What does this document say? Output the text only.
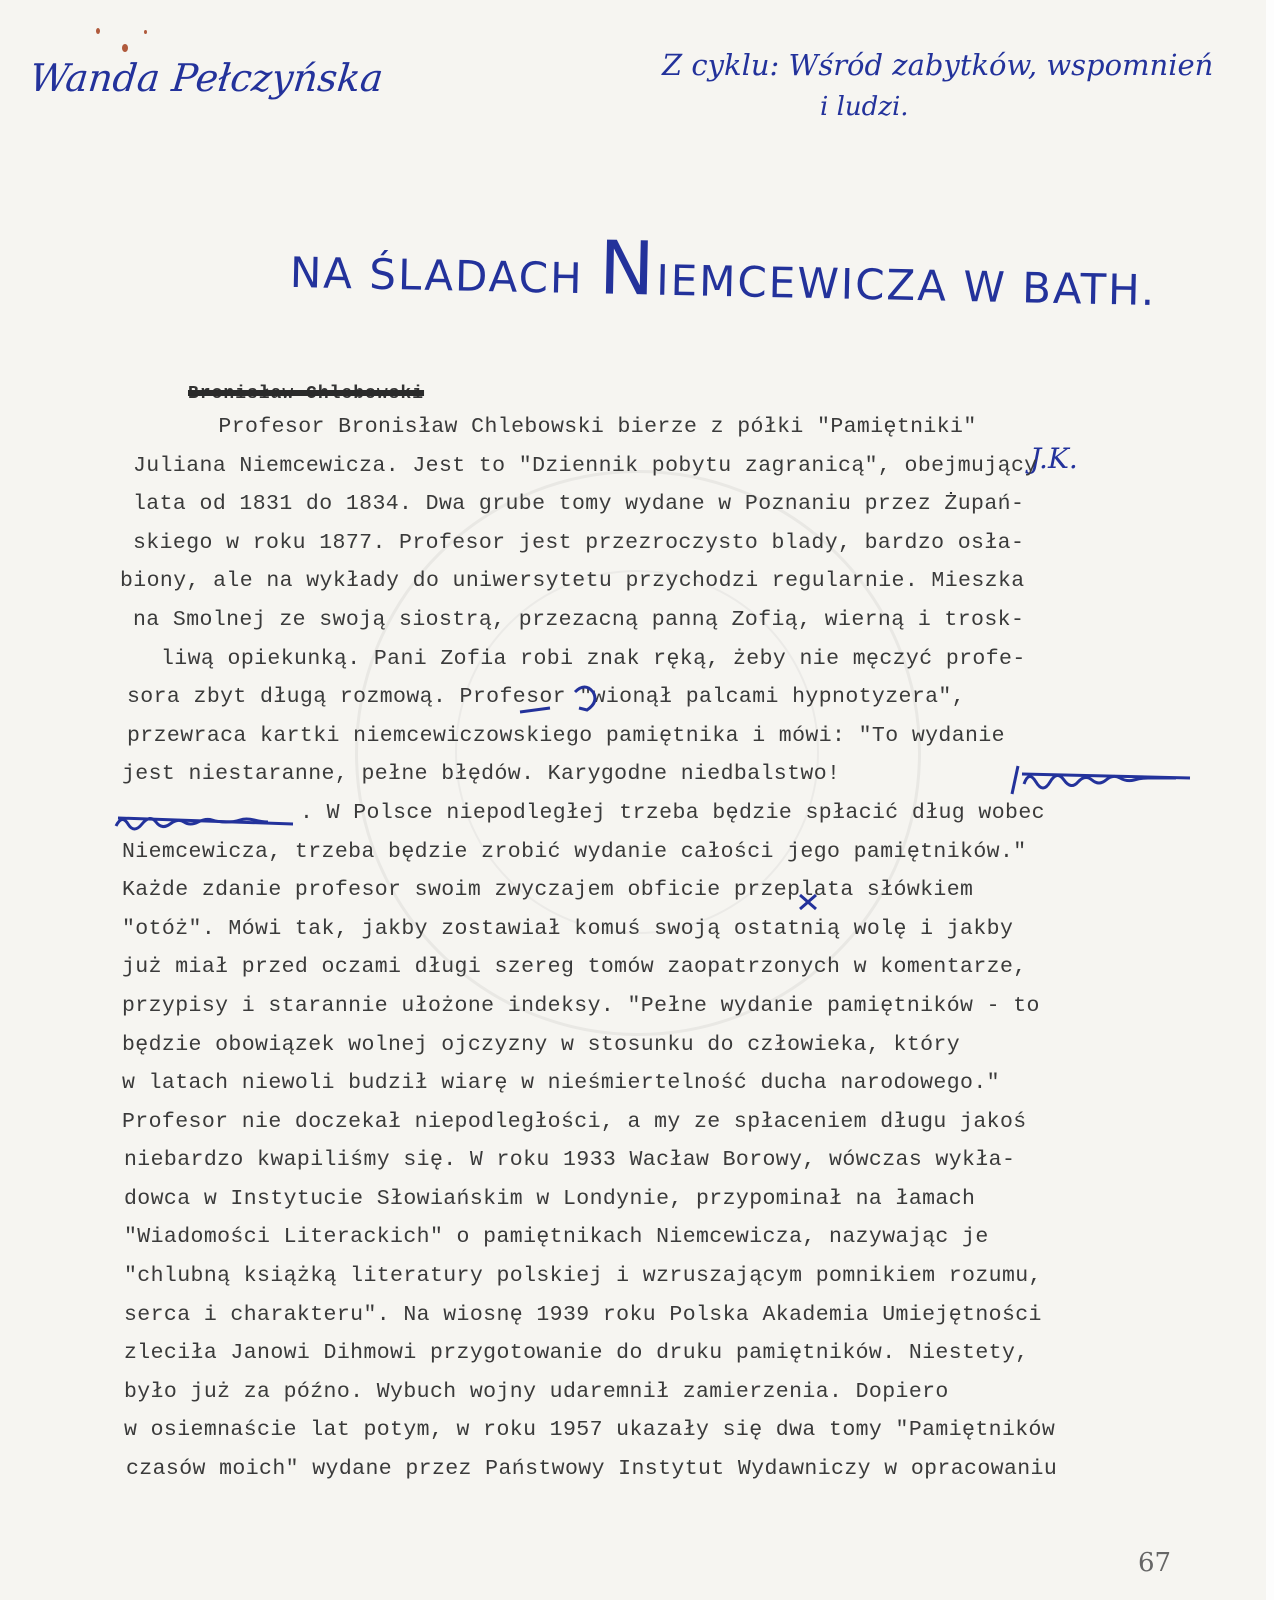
Wanda Pełczyńska	Z cyklu: Wśród zabytków, wspomnień
i ludzi.
NA ŚLADACH NIEMCEWICZA W BATH.
Bronisław Chlebowski
J.K.
Profesor Bronisław Chlebowski bierze z półki "Pamiętniki"
Juliana Niemcewicza. Jest to "Dziennik pobytu zagranicą", obejmujący
lata od 1831 do 1834. Dwa grube tomy wydane w Poznaniu przez Żupań-
skiego w roku 1877. Profesor jest przezroczysto blady, bardzo osła-
biony, ale na wykłady do uniwersytetu przychodzi regularnie. Mieszka
na Smolnej ze swoją siostrą, przezacną panną Zofią, wierną i trosk-
liwą opiekunką. Pani Zofia robi znak ręką, żeby nie męczyć profe-
sora zbyt długą rozmową. Profesor "wionął palcami hypnotyzera",
przewraca kartki niemcewiczowskiego pamiętnika i mówi: "To wydanie
jest niestaranne, pełne błędów. Karygodne niedbalstwo!
. W Polsce niepodległej trzeba będzie spłacić dług wobec
Niemcewicza, trzeba będzie zrobić wydanie całości jego pamiętników."
Każde zdanie profesor swoim zwyczajem obficie przeplata słówkiem
"otóż". Mówi tak, jakby zostawiał komuś swoją ostatnią wolę i jakby
już miał przed oczami długi szereg tomów zaopatrzonych w komentarze,
przypisy i starannie ułożone indeksy. "Pełne wydanie pamiętników - to
będzie obowiązek wolnej ojczyzny w stosunku do człowieka, który
w latach niewoli budził wiarę w nieśmiertelność ducha narodowego."
Profesor nie doczekał niepodległości, a my ze spłaceniem długu jakoś
niebardzo kwapiliśmy się. W roku 1933 Wacław Borowy, wówczas wykła-
dowca w Instytucie Słowiańskim w Londynie, przypominał na łamach
"Wiadomości Literackich" o pamiętnikach Niemcewicza, nazywając je
"chlubną książką literatury polskiej i wzruszającym pomnikiem rozumu,
serca i charakteru". Na wiosnę 1939 roku Polska Akademia Umiejętności
zleciła Janowi Dihmowi przygotowanie do druku pamiętników. Niestety,
było już za późno. Wybuch wojny udaremnił zamierzenia. Dopiero
w osiemnaście lat potym, w roku 1957 ukazały się dwa tomy "Pamiętników
czasów moich" wydane przez Państwowy Instytut Wydawniczy w opracowaniu
67
